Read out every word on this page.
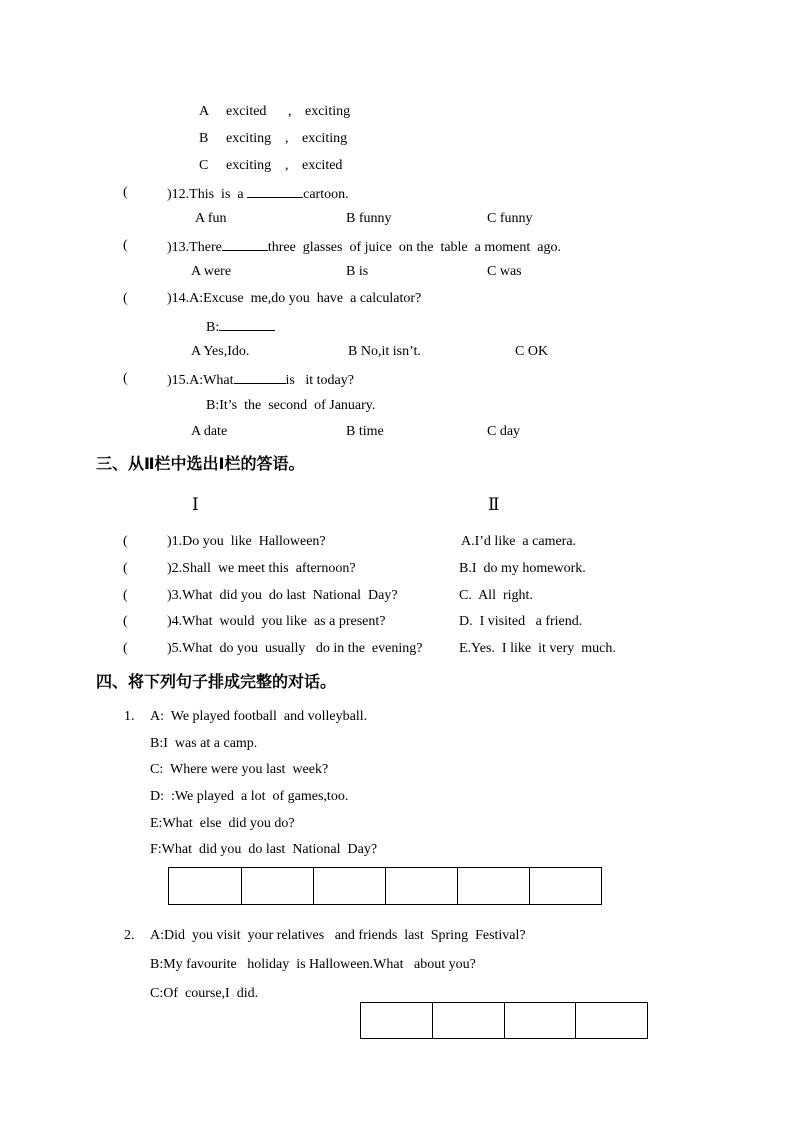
A excited , exciting
B exciting , exciting
C exciting , excited
(	)12.This  is  a	cartoon.
A fun	B funny	C funny
(	)13.There	three  glasses  of juice  on the  table  a moment  ago.
A were	B is	C was
(	)14.A:Excuse  me,do you  have  a calculator?
B:
A Yes,Ido.	B No,it isn’t.	C OK
(	)15.A:What	is   it today?
B:It’s  the  second  of January.
A date	B time	C day
三、从Ⅱ栏中选出Ⅰ栏的答语。
Ⅰ	Ⅱ
(	)1.Do you  like  Halloween?	A.I’d like  a camera.
(	)2.Shall  we meet this  afternoon?	B.I  do my homework.
(	)3.What  did you  do last  National  Day?	C.  All  right.
(	)4.What  would  you like  as a present?	D.  I visited   a friend.
(	)5.What  do you  usually   do in the  evening?	E.Yes.  I like  it very  much.
四、将下列句子排成完整的对话。
1. A:  We played football  and volleyball.
B:I  was at a camp.
C:  Where were you last  week?
D:  :We played  a lot  of games,too.
E:What  else  did you do?
F:What  did you  do last  National  Day?

2. A:Did  you visit  your relatives   and friends  last  Spring  Festival?
B:My favourite   holiday  is Halloween.What   about you?
C:Of  course,I  did.
